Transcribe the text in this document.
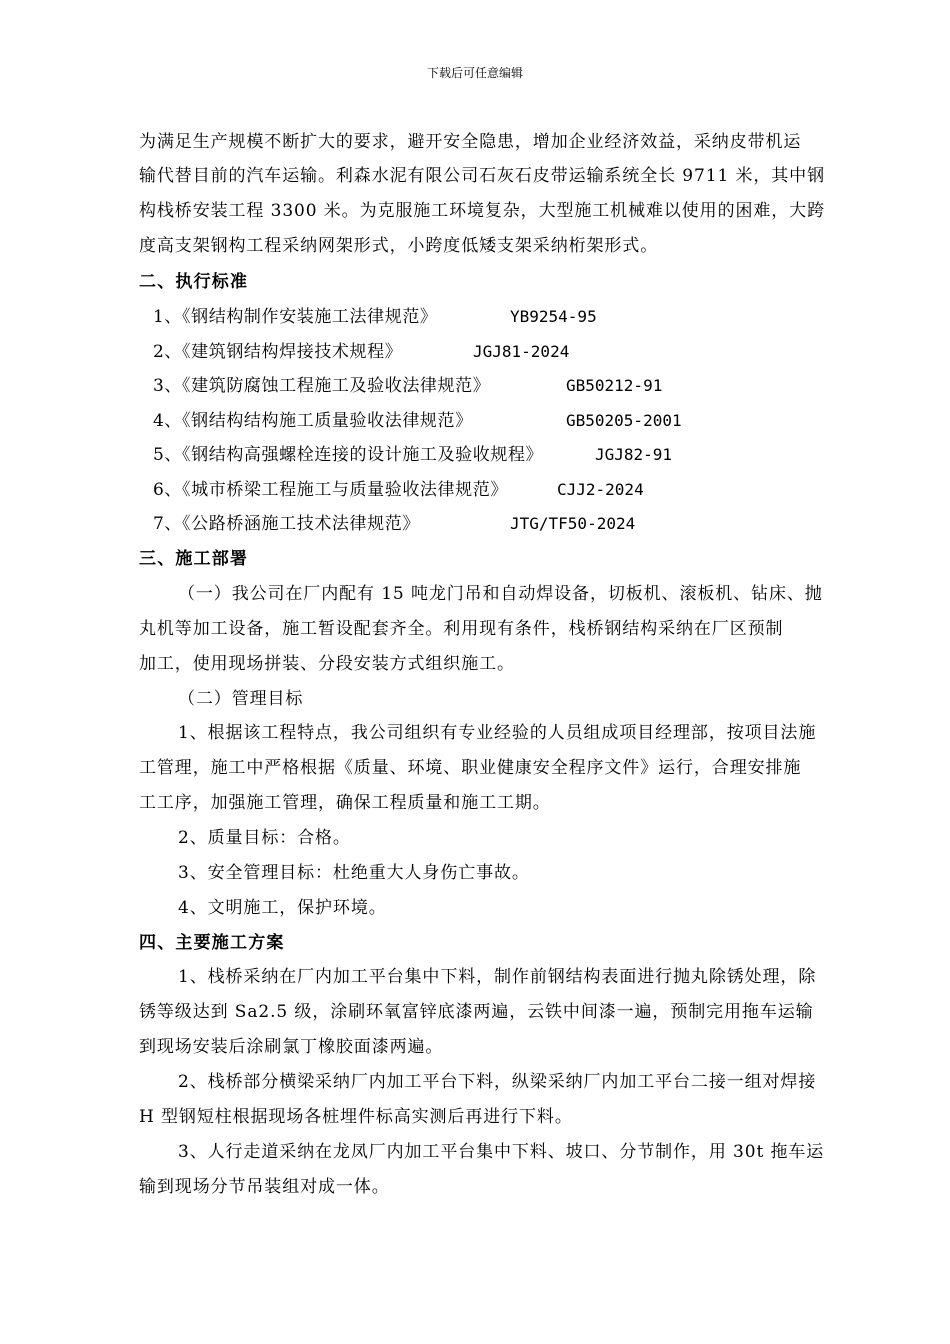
下载后可任意编辑
为满足生产规模不断扩大的要求，避开安全隐患，增加企业经济效益，采纳皮带机运
输代替目前的汽车运输。利森水泥有限公司石灰石皮带运输系统全长 9711 米，其中钢
构栈桥安装工程 3300 米。为克服施工环境复杂，大型施工机械难以使用的困难，大跨
度高支架钢构工程采纳网架形式，小跨度低矮支架采纳桁架形式。
二、执行标准
1、《钢结构制作安装施工法律规范》	YB9254-95
2、《建筑钢结构焊接技术规程》	JGJ81-2024
3、《建筑防腐蚀工程施工及验收法律规范》	GB50212-91
4、《钢结构结构施工质量验收法律规范》	GB50205-2001
5、《钢结构高强螺栓连接的设计施工及验收规程》	JGJ82-91
6、《城市桥梁工程施工与质量验收法律规范》	CJJ2-2024
7、《公路桥涵施工技术法律规范》	JTG/TF50-2024
三、施工部署
（一）我公司在厂内配有 15 吨龙门吊和自动焊设备，切板机、滚板机、钻床、抛
丸机等加工设备，施工暂设配套齐全。利用现有条件，栈桥钢结构采纳在厂区预制
加工，使用现场拼装、分段安装方式组织施工。
（二）管理目标
1、根据该工程特点，我公司组织有专业经验的人员组成项目经理部，按项目法施
工管理，施工中严格根据《质量、环境、职业健康安全程序文件》运行，合理安排施
工工序，加强施工管理，确保工程质量和施工工期。
2、质量目标：合格。
3、安全管理目标：杜绝重大人身伤亡事故。
4、文明施工，保护环境。
四、主要施工方案
1、栈桥采纳在厂内加工平台集中下料，制作前钢结构表面进行抛丸除锈处理，除
锈等级达到 Sa2.5 级，涂刷环氧富锌底漆两遍，云铁中间漆一遍，预制完用拖车运输
到现场安装后涂刷氯丁橡胶面漆两遍。
2、栈桥部分横梁采纳厂内加工平台下料，纵梁采纳厂内加工平台二接一组对焊接
H 型钢短柱根据现场各桩埋件标高实测后再进行下料。
3、人行走道采纳在龙凤厂内加工平台集中下料、坡口、分节制作，用 30t 拖车运
输到现场分节吊装组对成一体。
